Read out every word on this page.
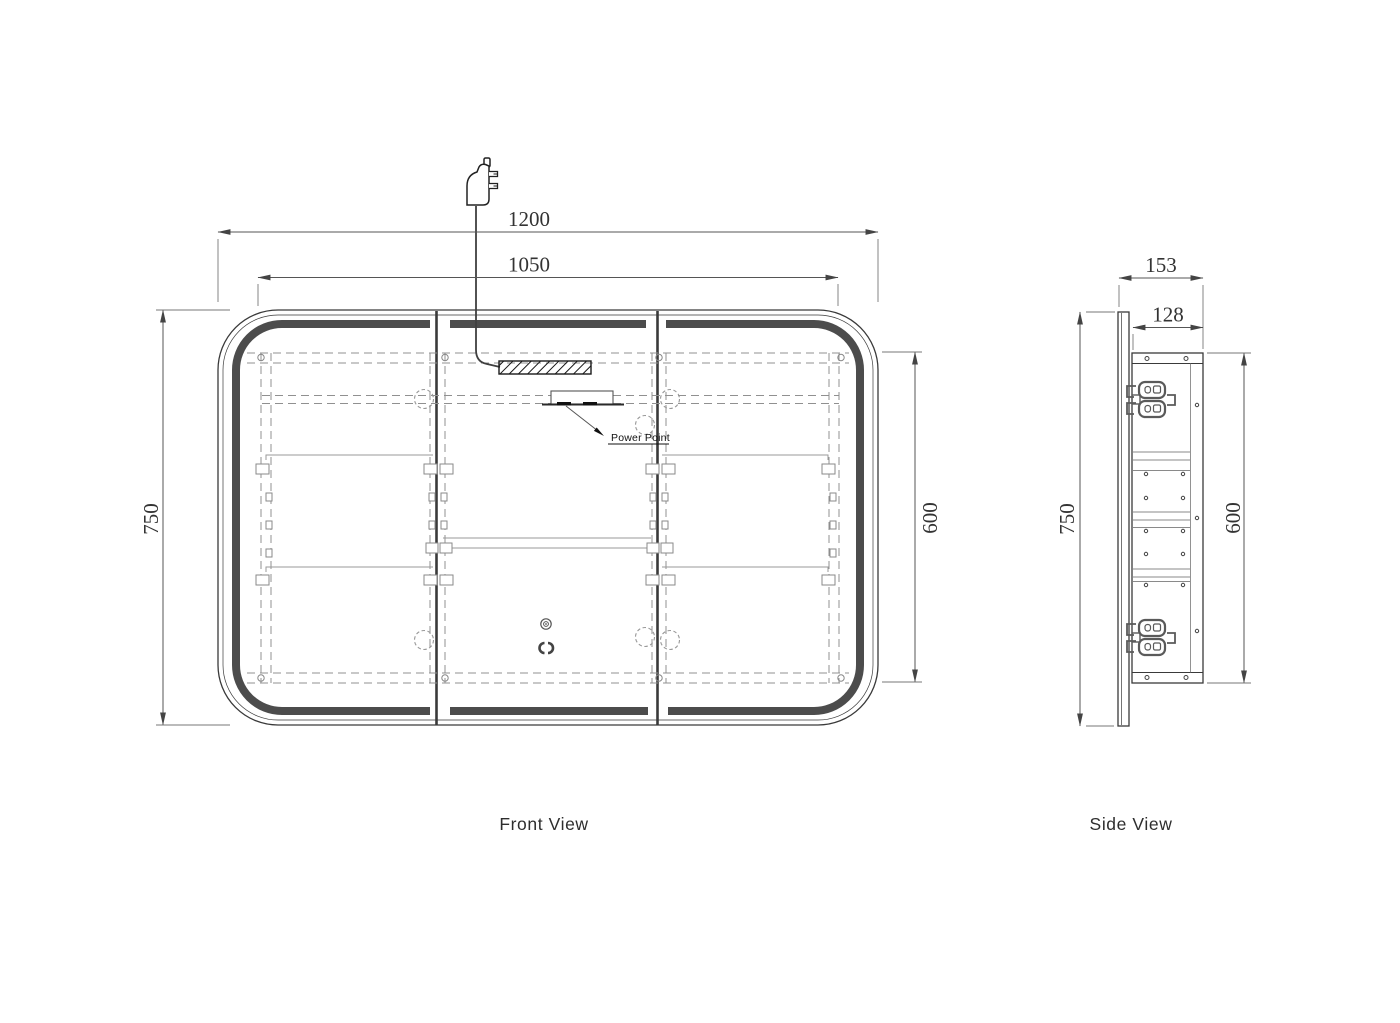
Power Point
1200
1050
750	600
Front View
153
128
750	600
Side View
